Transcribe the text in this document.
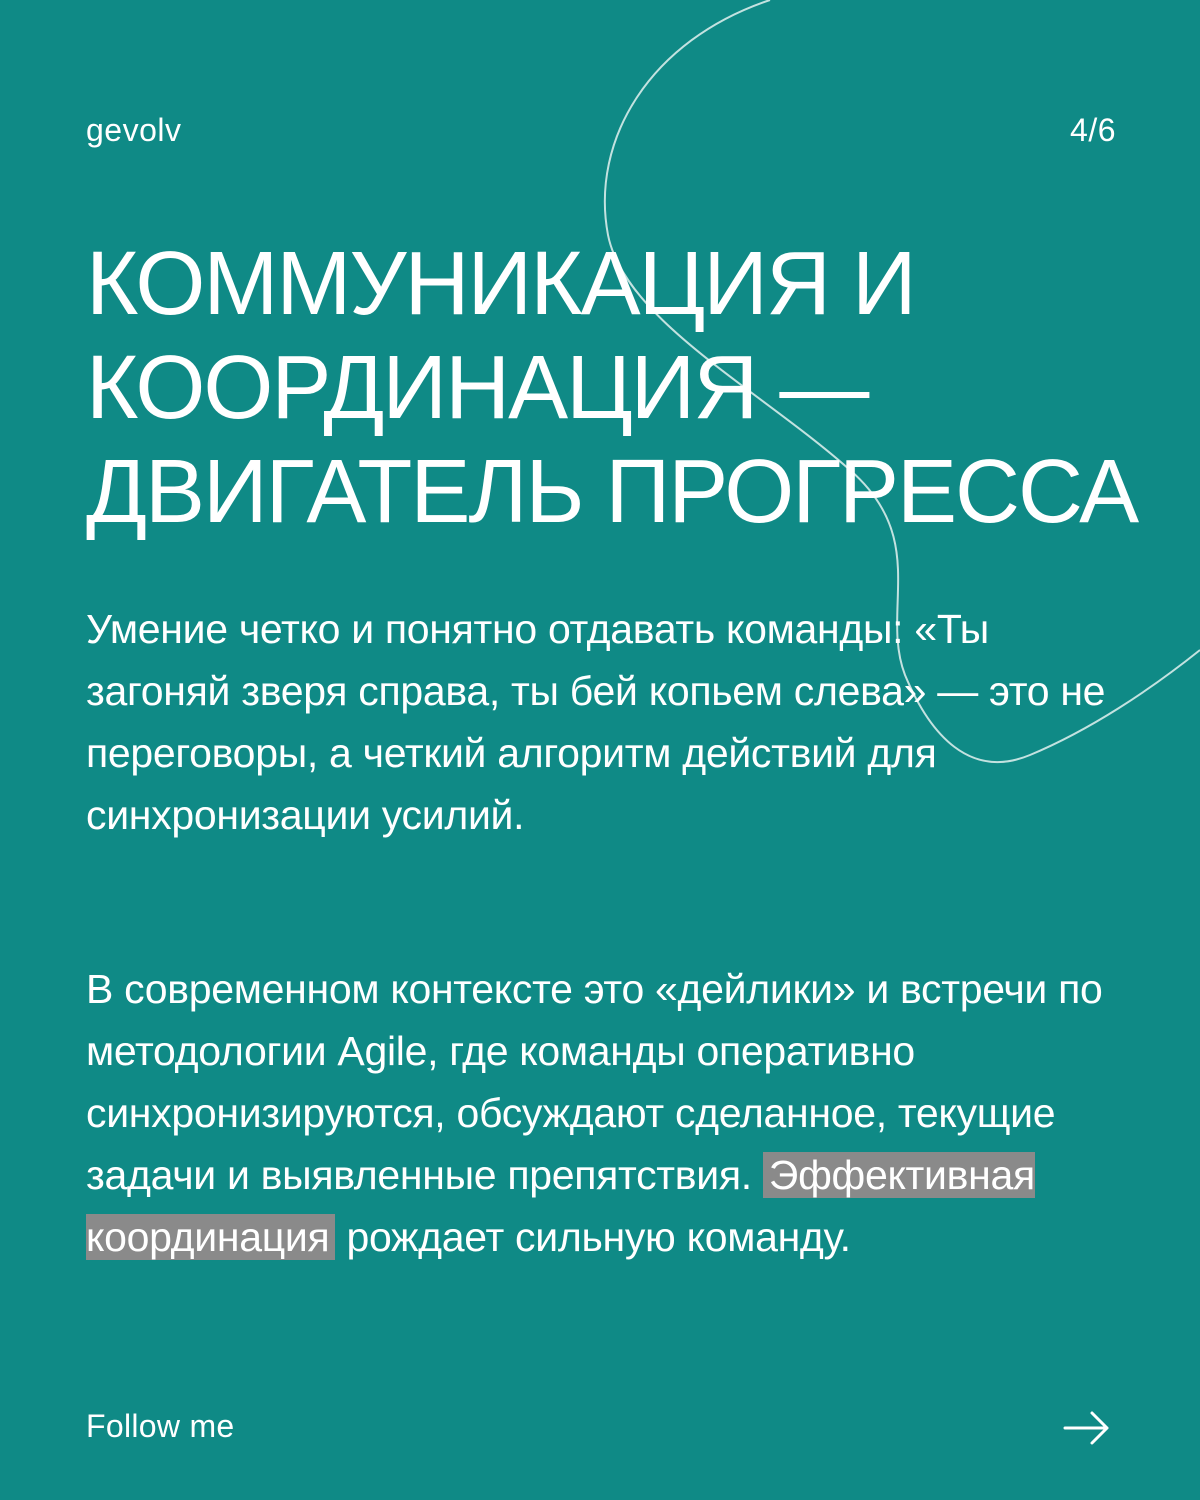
gevolv	4/6
КОММУНИКАЦИЯ И
КООРДИНАЦИЯ —
ДВИГАТЕЛЬ ПРОГРЕССА

Умение четко и понятно отдавать команды: «Ты загоняй зверя справа, ты бей копьем слева» — это не переговоры, а четкий алгоритм действий для синхронизации усилий.

В современном контексте это «дейлики» и встречи по методологии Agile, где команды оперативно синхронизируются, обсуждают сделанное, текущие задачи и выявленные препятствия. Эффективная координация рождает сильную команду.

Follow me
